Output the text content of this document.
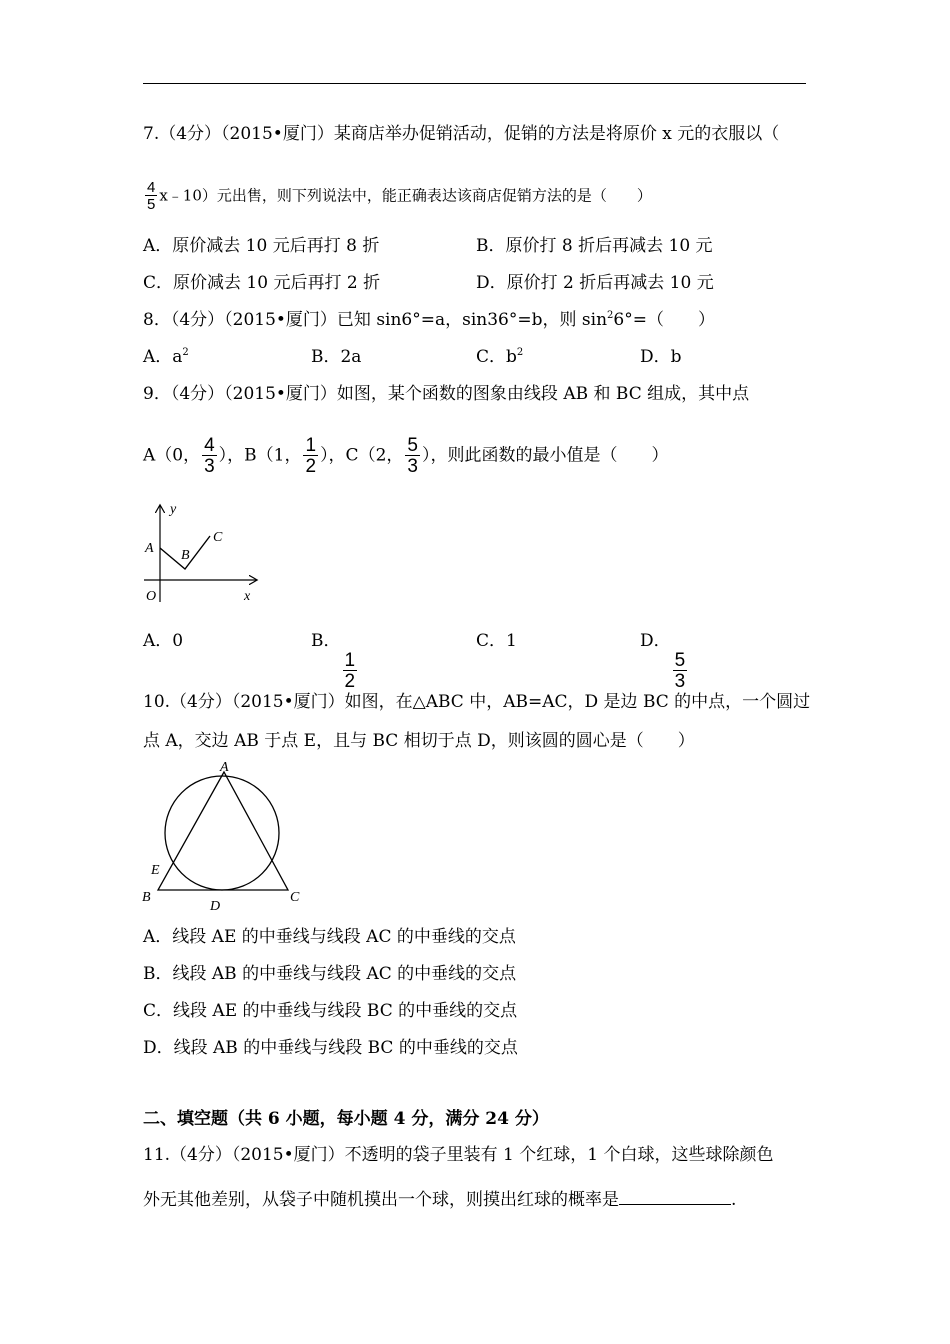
7.（4分）（2015•厦门）某商店举办促销活动，促销的方法是将原价 x 元的衣服以（
$\frac{4}{5}$ x﹣10）元出售，则下列说法中，能正确表达该商店促销方法的是（　　）
A．原价减去 10 元后再打 8 折	B．原价打 8 折后再减去 10 元
C．原价减去 10 元后再打 2 折	D．原价打 2 折后再减去 10 元
8．（4分）（2015•厦门）已知 sin6°=a，sin36°=b，则 $\sin^26^\circ=$（　　）
A．$a^2$	B．2a	C．$b^2$	D．b
9．（4分）（2015•厦门）如图，某个函数的图象由线段 AB 和 BC 组成，其中点
A（0， $\frac{4}{3}$ ），B（1， $\frac{1}{2}$ ），C（2， $\frac{5}{3}$ ），则此函数的最小值是（　　）
y
x
O
A B
C
A．0	B．
$\frac{1}{2}$
C．1	D．
$\frac{5}{3}$
10.（4分）（2015•厦门）如图，在△ABC 中，AB=AC，D 是边 BC 的中点，一个圆过
点 A，交边 AB 于点 E，且与 BC 相切于点 D，则该圆的圆心是（　　）
A
B	C
D
E
A．线段 AE 的中垂线与线段 AC 的中垂线的交点
B．线段 AB 的中垂线与线段 AC 的中垂线的交点
C．线段 AE 的中垂线与线段 BC 的中垂线的交点
D．线段 AB 的中垂线与线段 BC 的中垂线的交点
二、填空题（共 6 小题，每小题 4 分，满分 24 分）
11.（4分）（2015•厦门）不透明的袋子里装有 1 个红球，1 个白球，这些球除颜色
外无其他差别，从袋子中随机摸出一个球，则摸出红球的概率是	.
